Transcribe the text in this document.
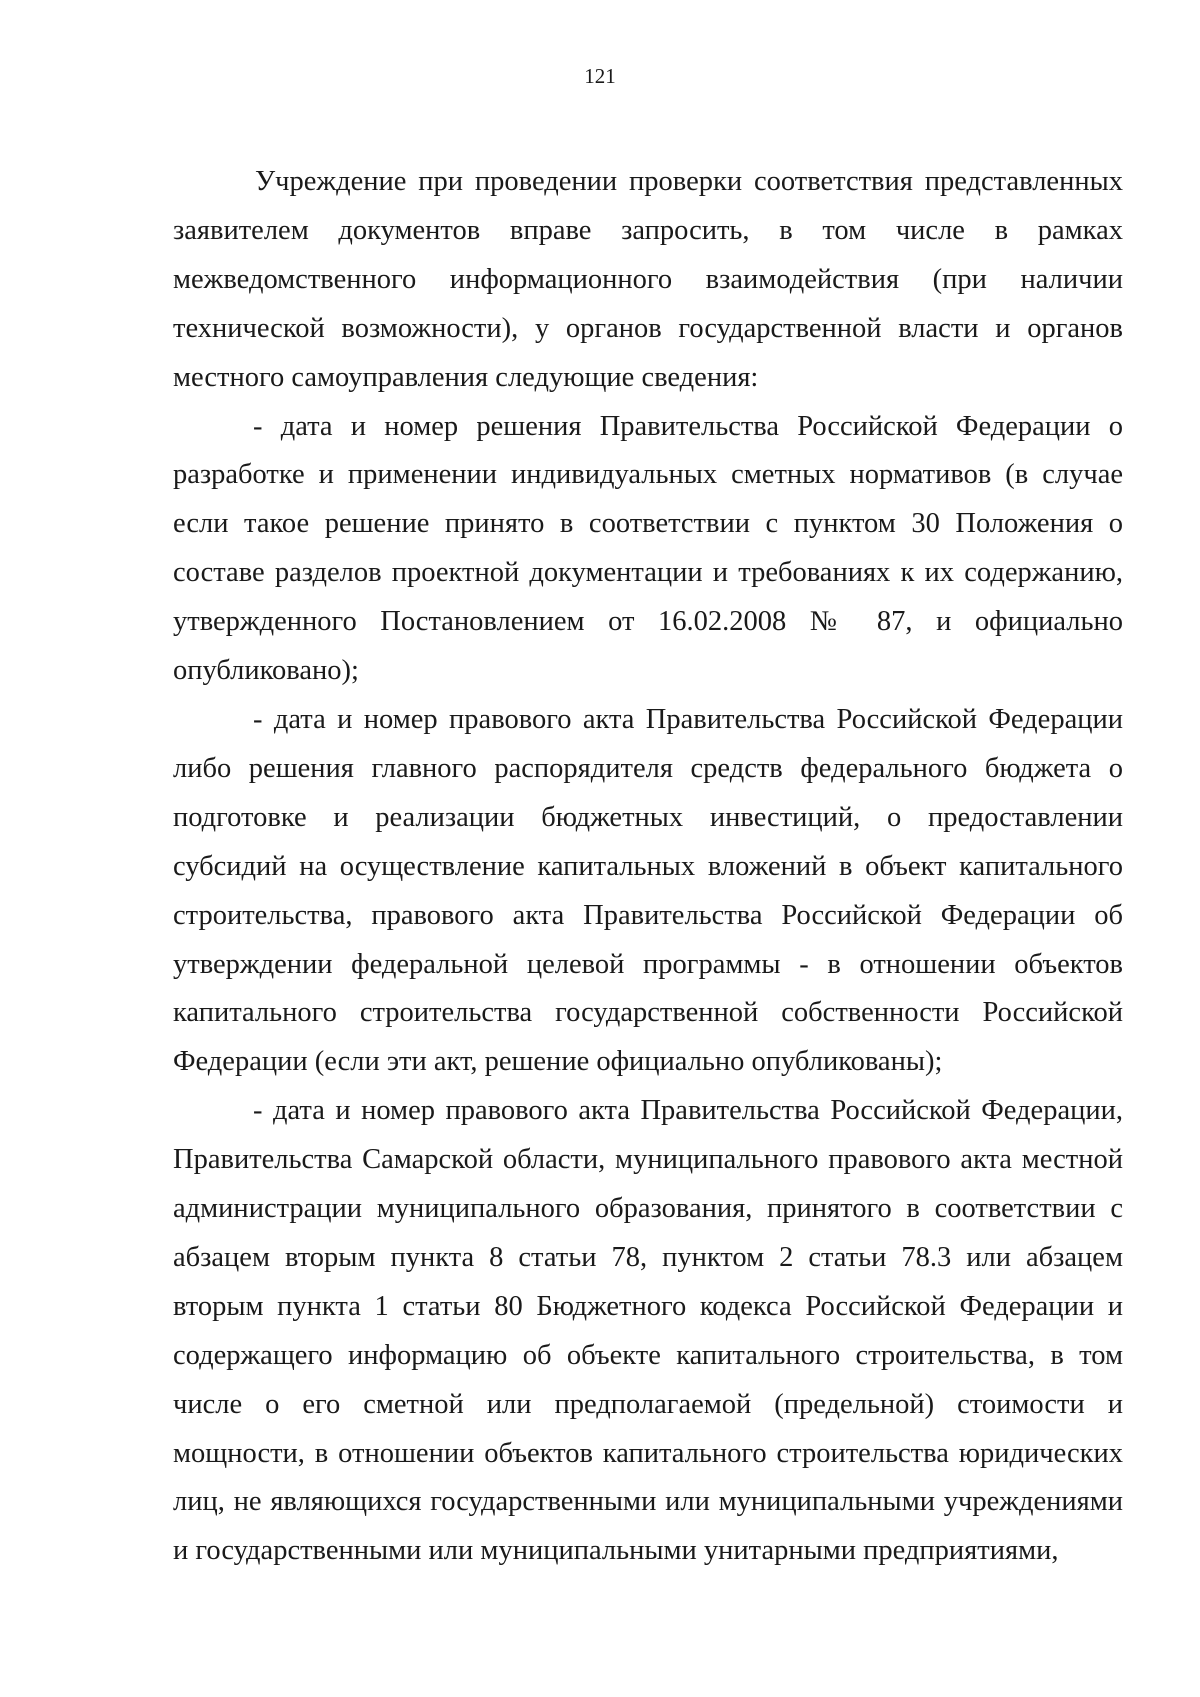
121

Учреждение при проведении проверки соответствия представленных заявителем документов вправе запросить, в том числе в рамках межведомственного информационного взаимодействия (при наличии технической возможности), у органов государственной власти и органов местного самоуправления следующие сведения:

- дата и номер решения Правительства Российской Федерации о разработке и применении индивидуальных сметных нормативов (в случае если такое решение принято в соответствии с пунктом 30 Положения о составе разделов проектной документации и требованиях к их содержанию, утвержденного Постановлением от 16.02.2008 № 87, и официально опубликовано);

- дата и номер правового акта Правительства Российской Федерации либо решения главного распорядителя средств федерального бюджета о подготовке и реализации бюджетных инвестиций, о предоставлении субсидий на осуществление капитальных вложений в объект капитального строительства, правового акта Правительства Российской Федерации об утверждении федеральной целевой программы - в отношении объектов капитального строительства государственной собственности Российской Федерации (если эти акт, решение официально опубликованы);

- дата и номер правового акта Правительства Российской Федерации, Правительства Самарской области, муниципального правового акта местной администрации муниципального образования, принятого в соответствии с абзацем вторым пункта 8 статьи 78, пунктом 2 статьи 78.3 или абзацем вторым пункта 1 статьи 80 Бюджетного кодекса Российской Федерации и содержащего информацию об объекте капитального строительства, в том числе о его сметной или предполагаемой (предельной) стоимости и мощности, в отношении объектов капитального строительства юридических лиц, не являющихся государственными или муниципальными учреждениями и государственными или муниципальными унитарными предприятиями,
